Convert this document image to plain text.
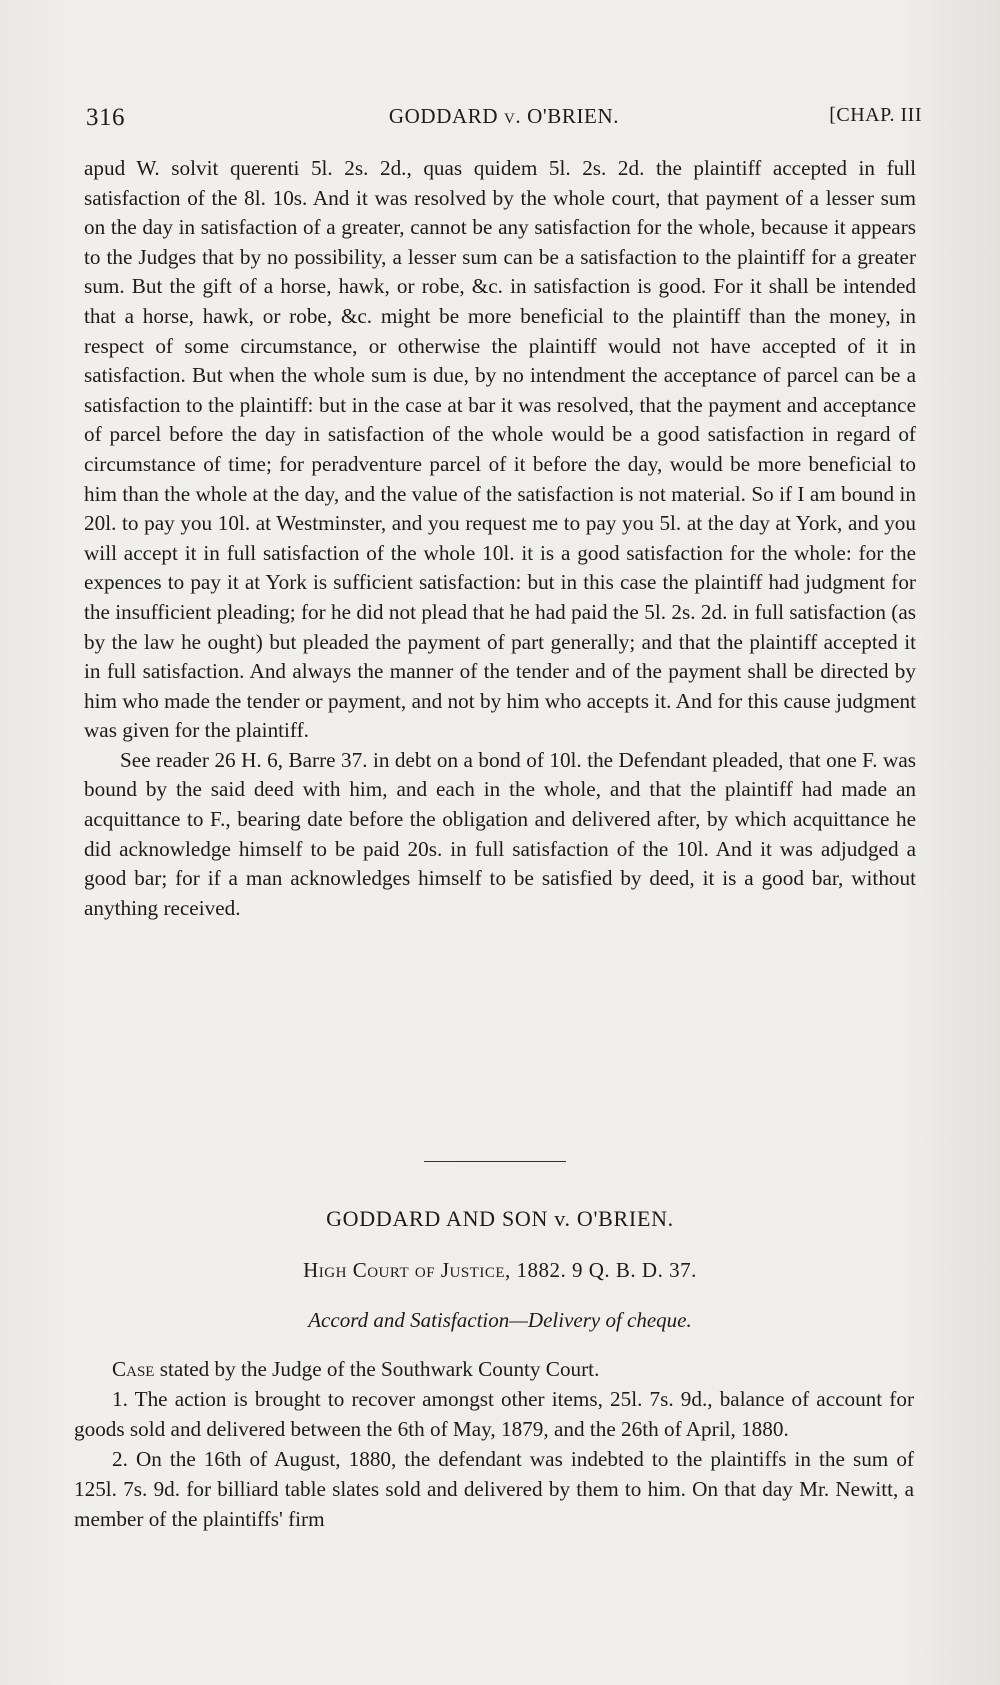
316	GODDARD v. O'BRIEN.	[CHAP. III

apud W. solvit querenti 5l. 2s. 2d., quas quidem 5l. 2s. 2d. the plaintiff accepted in full satisfaction of the 8l. 10s. And it was resolved by the whole court, that payment of a lesser sum on the day in satisfaction of a greater, cannot be any satisfaction for the whole, because it appears to the Judges that by no possibility, a lesser sum can be a satisfaction to the plaintiff for a greater sum. But the gift of a horse, hawk, or robe, &c. in satisfaction is good. For it shall be intended that a horse, hawk, or robe, &c. might be more beneficial to the plaintiff than the money, in respect of some circumstance, or otherwise the plaintiff would not have accepted of it in satisfaction. But when the whole sum is due, by no intendment the acceptance of parcel can be a satisfaction to the plaintiff: but in the case at bar it was resolved, that the payment and acceptance of parcel before the day in satisfaction of the whole would be a good satisfaction in regard of circumstance of time; for peradventure parcel of it before the day, would be more beneficial to him than the whole at the day, and the value of the satisfaction is not material. So if I am bound in 20l. to pay you 10l. at Westminster, and you request me to pay you 5l. at the day at York, and you will accept it in full satisfaction of the whole 10l. it is a good satisfaction for the whole: for the expences to pay it at York is sufficient satisfaction: but in this case the plaintiff had judgment for the insufficient pleading; for he did not plead that he had paid the 5l. 2s. 2d. in full satisfaction (as by the law he ought) but pleaded the payment of part generally; and that the plaintiff accepted it in full satisfaction. And always the manner of the tender and of the payment shall be directed by him who made the tender or payment, and not by him who accepts it. And for this cause judgment was given for the plaintiff.

See reader 26 H. 6, Barre 37. in debt on a bond of 10l. the Defendant pleaded, that one F. was bound by the said deed with him, and each in the whole, and that the plaintiff had made an acquittance to F., bearing date before the obligation and delivered after, by which acquittance he did acknowledge himself to be paid 20s. in full satisfaction of the 10l. And it was adjudged a good bar; for if a man acknowledges himself to be satisfied by deed, it is a good bar, without anything received.

GODDARD AND SON v. O'BRIEN.
High Court of Justice, 1882. 9 Q. B. D. 37.
Accord and Satisfaction—Delivery of cheque.

Case stated by the Judge of the Southwark County Court.

1. The action is brought to recover amongst other items, 25l. 7s. 9d., balance of account for goods sold and delivered between the 6th of May, 1879, and the 26th of April, 1880.

2. On the 16th of August, 1880, the defendant was indebted to the plaintiffs in the sum of 125l. 7s. 9d. for billiard table slates sold and delivered by them to him. On that day Mr. Newitt, a member of the plaintiffs' firm
